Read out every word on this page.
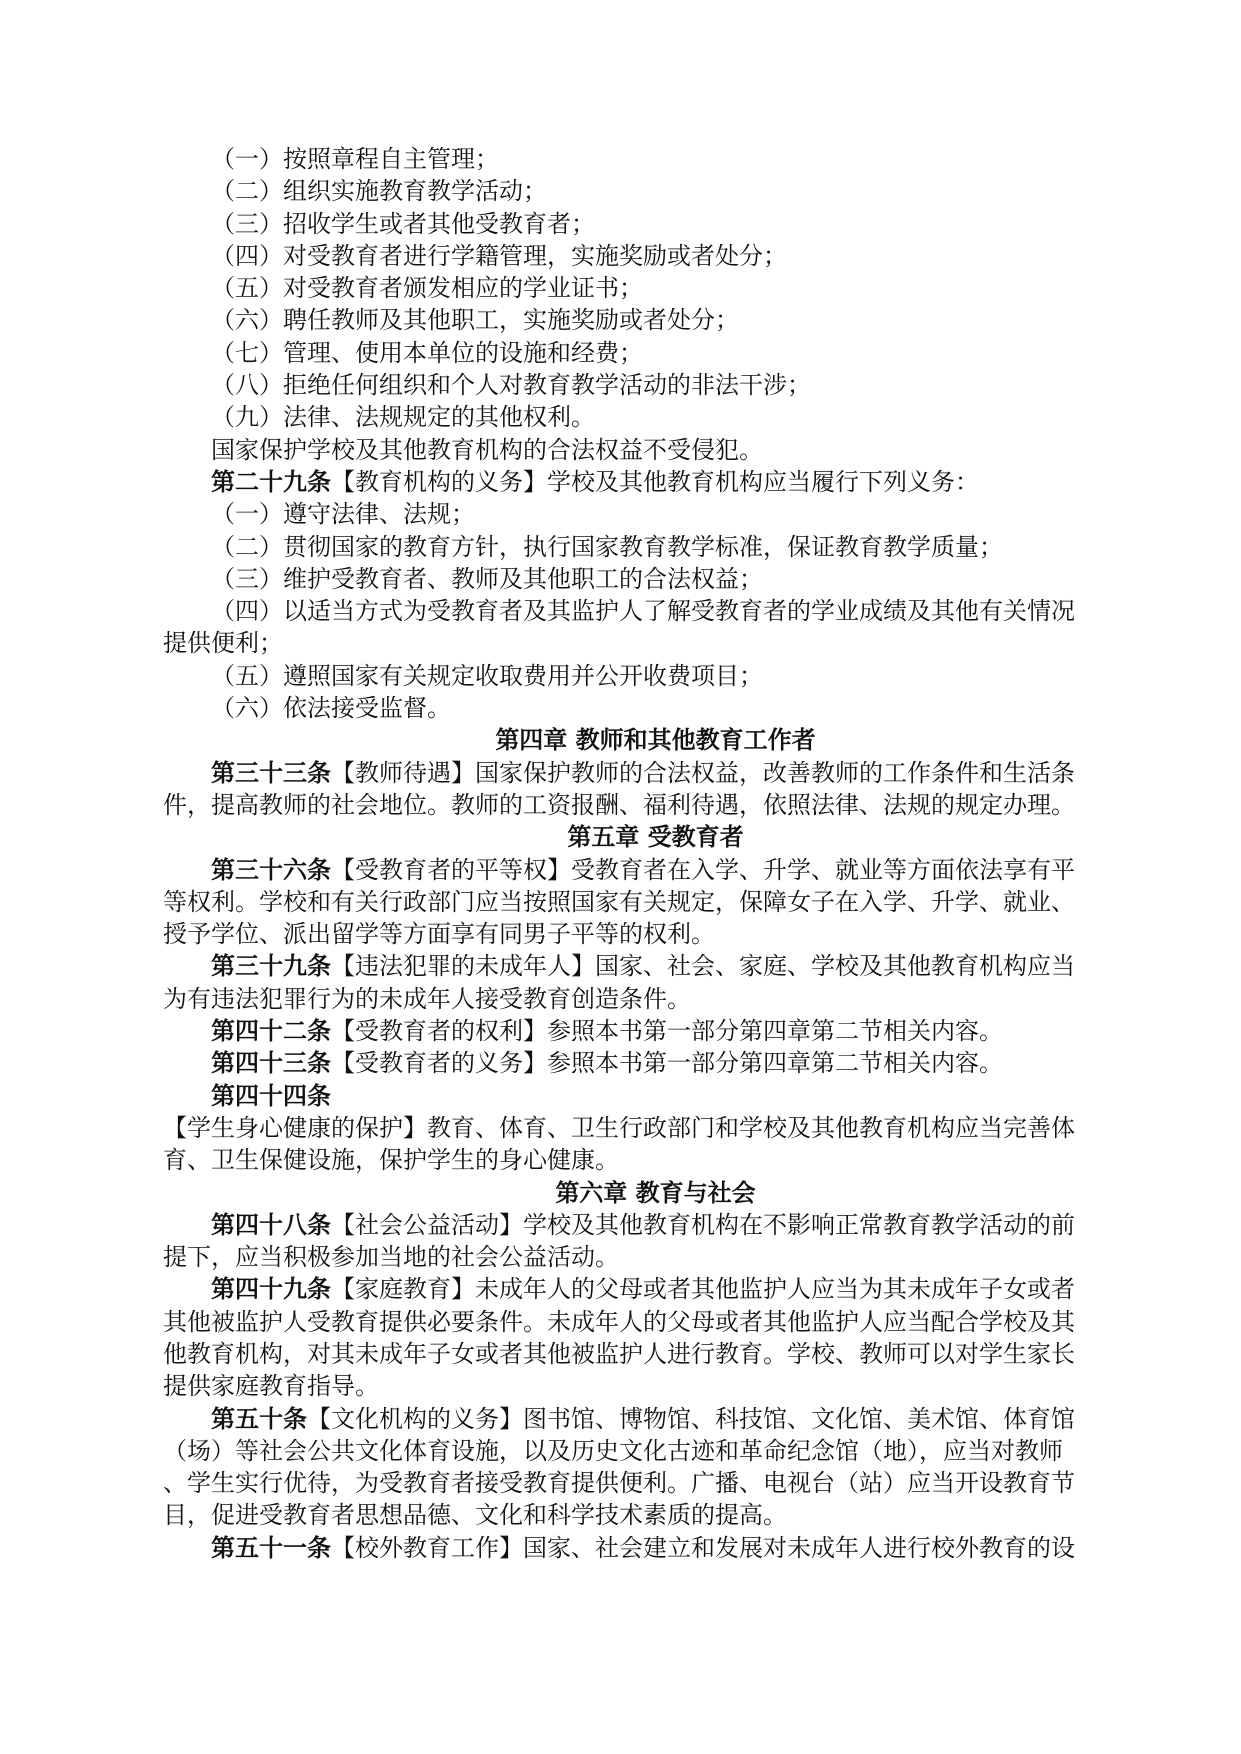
（一）按照章程自主管理；
（二）组织实施教育教学活动；
（三）招收学生或者其他受教育者；
（四）对受教育者进行学籍管理，实施奖励或者处分；
（五）对受教育者颁发相应的学业证书；
（六）聘任教师及其他职工，实施奖励或者处分；
（七）管理、使用本单位的设施和经费；
（八）拒绝任何组织和个人对教育教学活动的非法干涉；
（九）法律、法规规定的其他权利。
国家保护学校及其他教育机构的合法权益不受侵犯。
第二十九条【教育机构的义务】学校及其他教育机构应当履行下列义务：
（一）遵守法律、法规；
（二）贯彻国家的教育方针，执行国家教育教学标准，保证教育教学质量；
（三）维护受教育者、教师及其他职工的合法权益；
（四）以适当方式为受教育者及其监护人了解受教育者的学业成绩及其他有关情况
提供便利；
（五）遵照国家有关规定收取费用并公开收费项目；
（六）依法接受监督。
第四章 教师和其他教育工作者
第三十三条【教师待遇】国家保护教师的合法权益，改善教师的工作条件和生活条
件，提高教师的社会地位。教师的工资报酬、福利待遇，依照法律、法规的规定办理。
第五章 受教育者
第三十六条【受教育者的平等权】受教育者在入学、升学、就业等方面依法享有平
等权利。学校和有关行政部门应当按照国家有关规定，保障女子在入学、升学、就业、
授予学位、派出留学等方面享有同男子平等的权利。
第三十九条【违法犯罪的未成年人】国家、社会、家庭、学校及其他教育机构应当
为有违法犯罪行为的未成年人接受教育创造条件。
第四十二条【受教育者的权利】参照本书第一部分第四章第二节相关内容。
第四十三条【受教育者的义务】参照本书第一部分第四章第二节相关内容。
第四十四条
【学生身心健康的保护】教育、体育、卫生行政部门和学校及其他教育机构应当完善体
育、卫生保健设施，保护学生的身心健康。
第六章 教育与社会
第四十八条【社会公益活动】学校及其他教育机构在不影响正常教育教学活动的前
提下，应当积极参加当地的社会公益活动。
第四十九条【家庭教育】未成年人的父母或者其他监护人应当为其未成年子女或者
其他被监护人受教育提供必要条件。未成年人的父母或者其他监护人应当配合学校及其
他教育机构，对其未成年子女或者其他被监护人进行教育。学校、教师可以对学生家长
提供家庭教育指导。
第五十条【文化机构的义务】图书馆、博物馆、科技馆、文化馆、美术馆、体育馆
（场）等社会公共文化体育设施，以及历史文化古迹和革命纪念馆（地），应当对教师
、学生实行优待，为受教育者接受教育提供便利。广播、电视台（站）应当开设教育节
目，促进受教育者思想品德、文化和科学技术素质的提高。
第五十一条【校外教育工作】国家、社会建立和发展对未成年人进行校外教育的设
